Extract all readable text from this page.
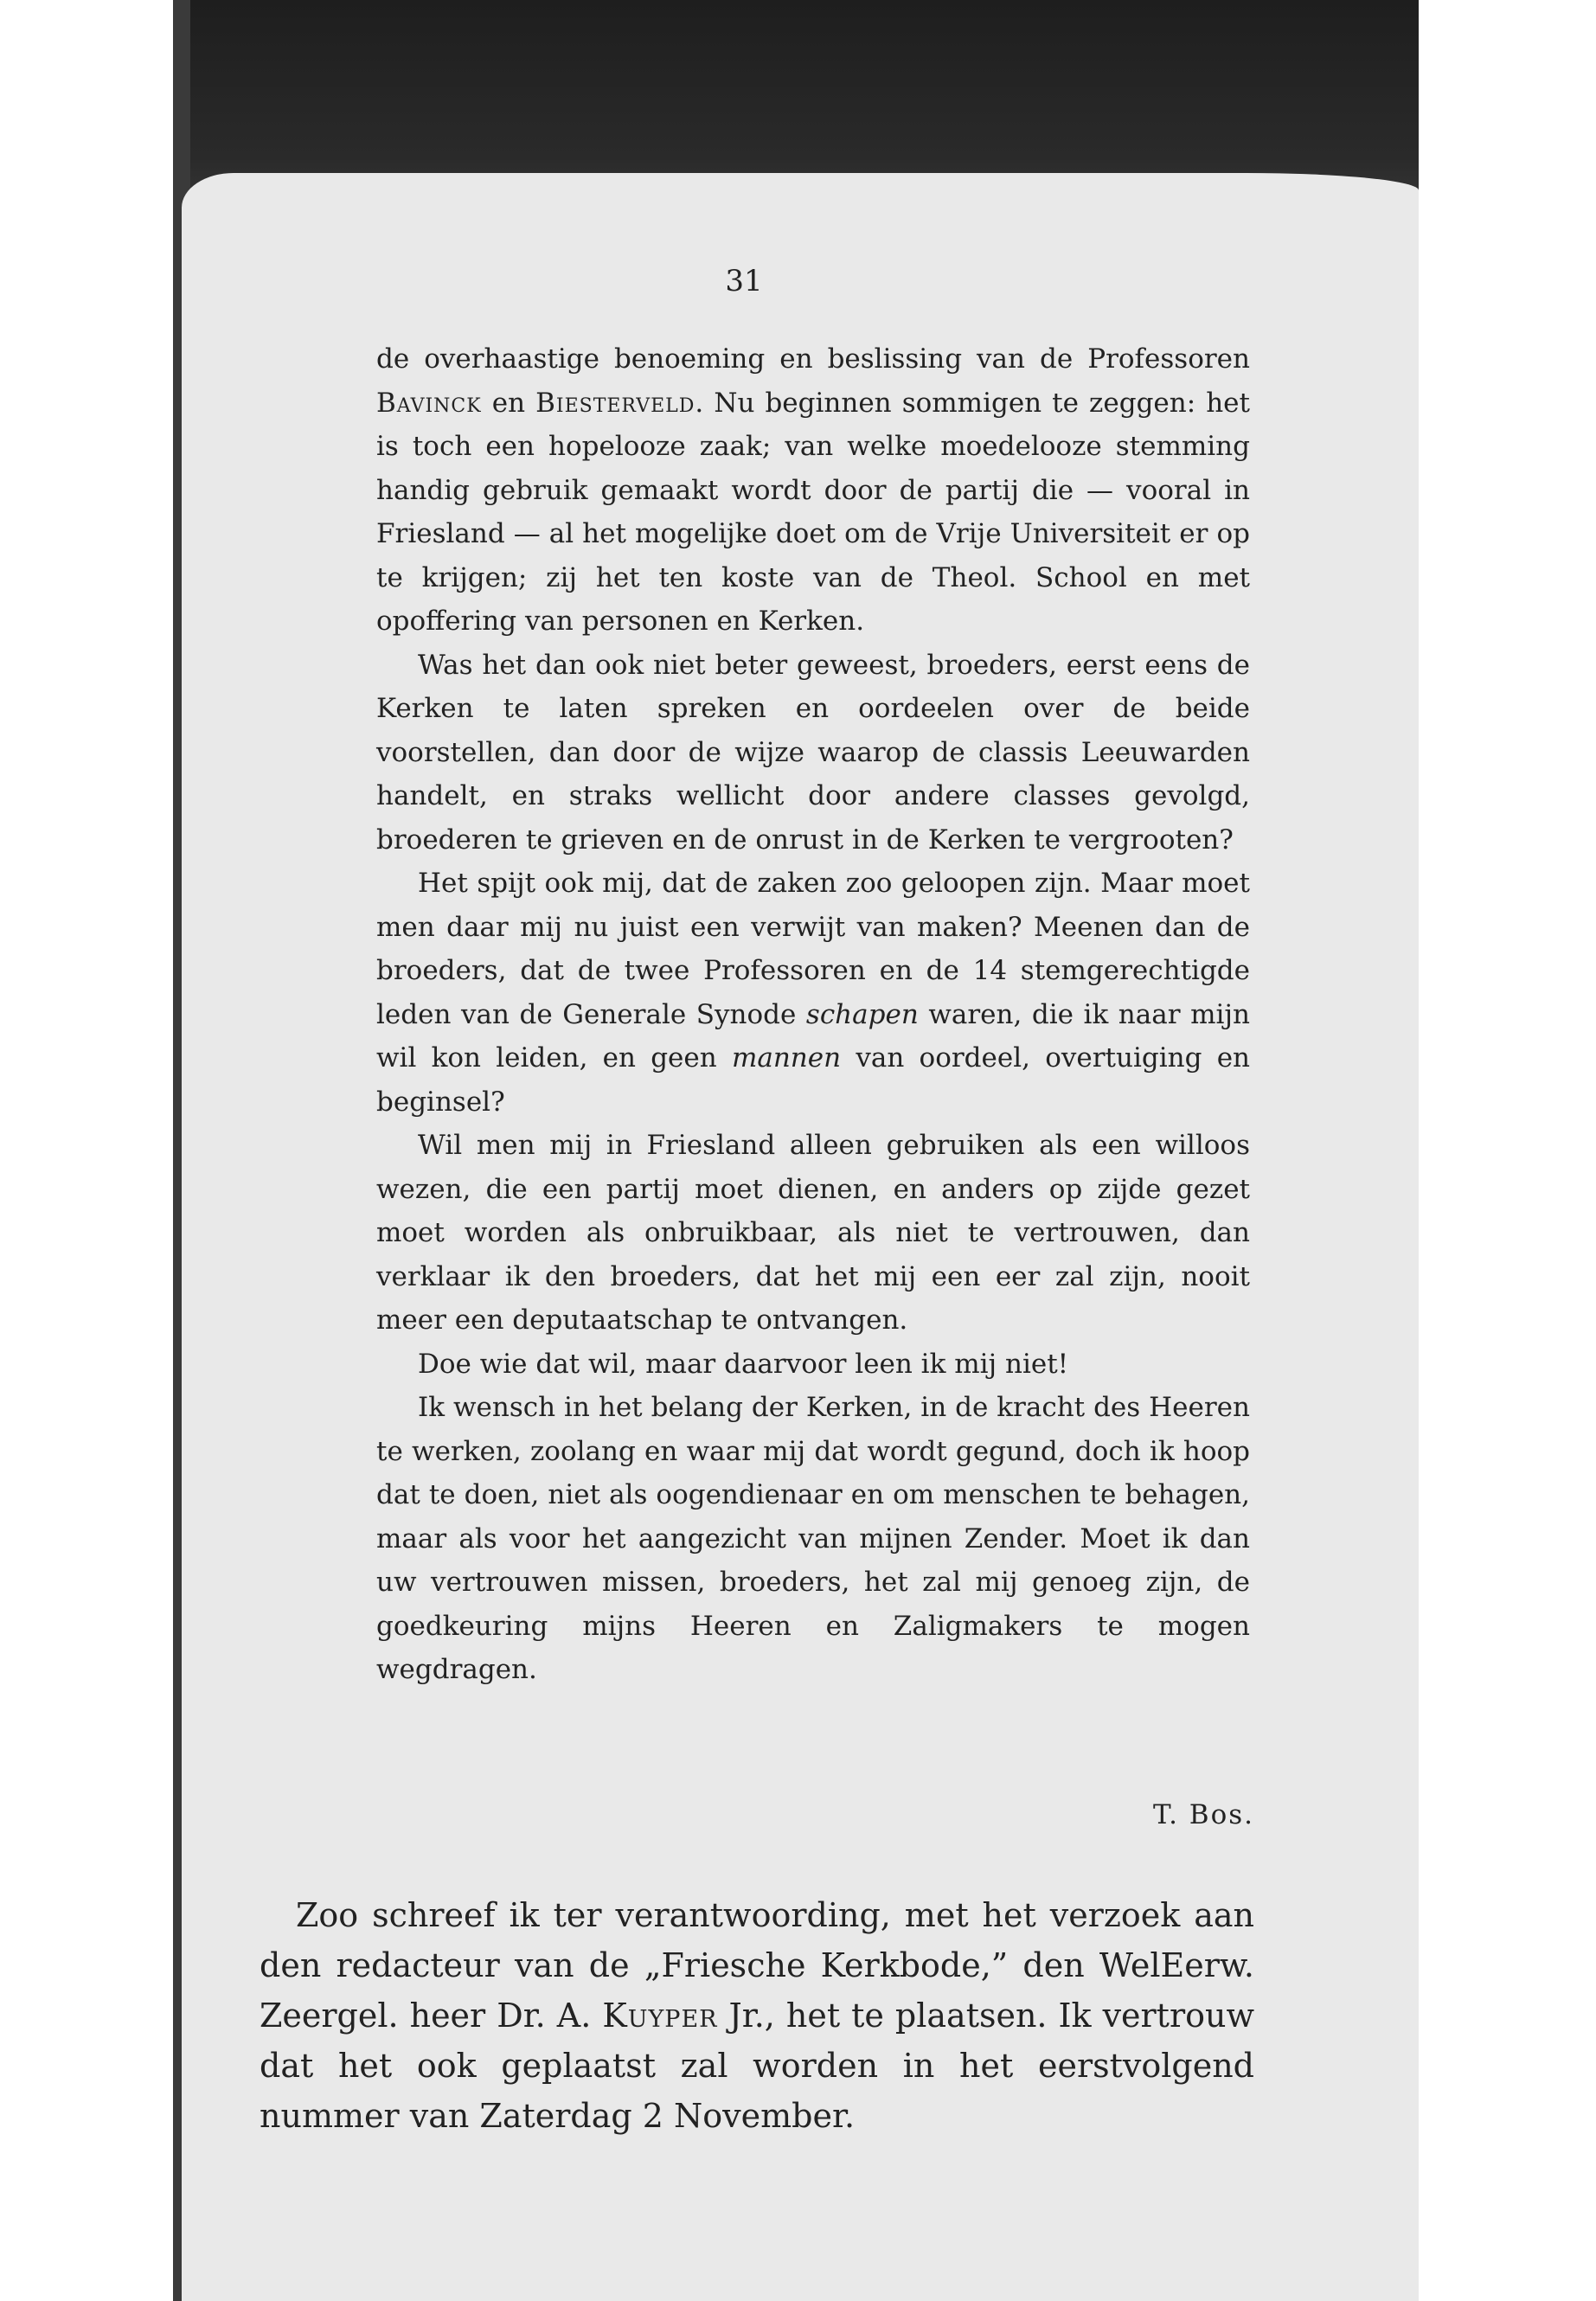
31

de overhaastige benoeming en beslissing van de Professoren Bavinck en Biesterveld. Nu beginnen sommigen te zeggen: het is toch een hopelooze zaak; van welke moedelooze stemming handig gebruik gemaakt wordt door de partij die — vooral in Friesland — al het mogelijke doet om de Vrije Universiteit er op te krijgen; zij het ten koste van de Theol. School en met opoffering van personen en Kerken.

Was het dan ook niet beter geweest, broeders, eerst eens de Kerken te laten spreken en oordeelen over de beide voorstellen, dan door de wijze waarop de classis Leeuwarden handelt, en straks wellicht door andere classes gevolgd, broederen te grieven en de onrust in de Kerken te vergrooten?

Het spijt ook mij, dat de zaken zoo geloopen zijn. Maar moet men daar mij nu juist een verwijt van maken? Meenen dan de broeders, dat de twee Professoren en de 14 stemgerechtigde leden van de Generale Synode schapen waren, die ik naar mijn wil kon leiden, en geen mannen van oordeel, overtuiging en beginsel?

Wil men mij in Friesland alleen gebruiken als een willoos wezen, die een partij moet dienen, en anders op zijde gezet moet worden als onbruikbaar, als niet te vertrouwen, dan verklaar ik den broeders, dat het mij een eer zal zijn, nooit meer een deputaatschap te ontvangen.

Doe wie dat wil, maar daarvoor leen ik mij niet!

Ik wensch in het belang der Kerken, in de kracht des Heeren te werken, zoolang en waar mij dat wordt gegund, doch ik hoop dat te doen, niet als oogendienaar en om menschen te behagen, maar als voor het aangezicht van mijnen Zender. Moet ik dan uw vertrouwen missen, broeders, het zal mij genoeg zijn, de goedkeuring mijns Heeren en Zaligmakers te mogen wegdragen.

T. Bos.

Zoo schreef ik ter verantwoording, met het verzoek aan den redacteur van de „Friesche Kerkbode,” den WelEerw. Zeergel. heer Dr. A. Kuyper Jr., het te plaatsen. Ik vertrouw dat het ook geplaatst zal worden in het eerstvolgend nummer van Zaterdag 2 November.
